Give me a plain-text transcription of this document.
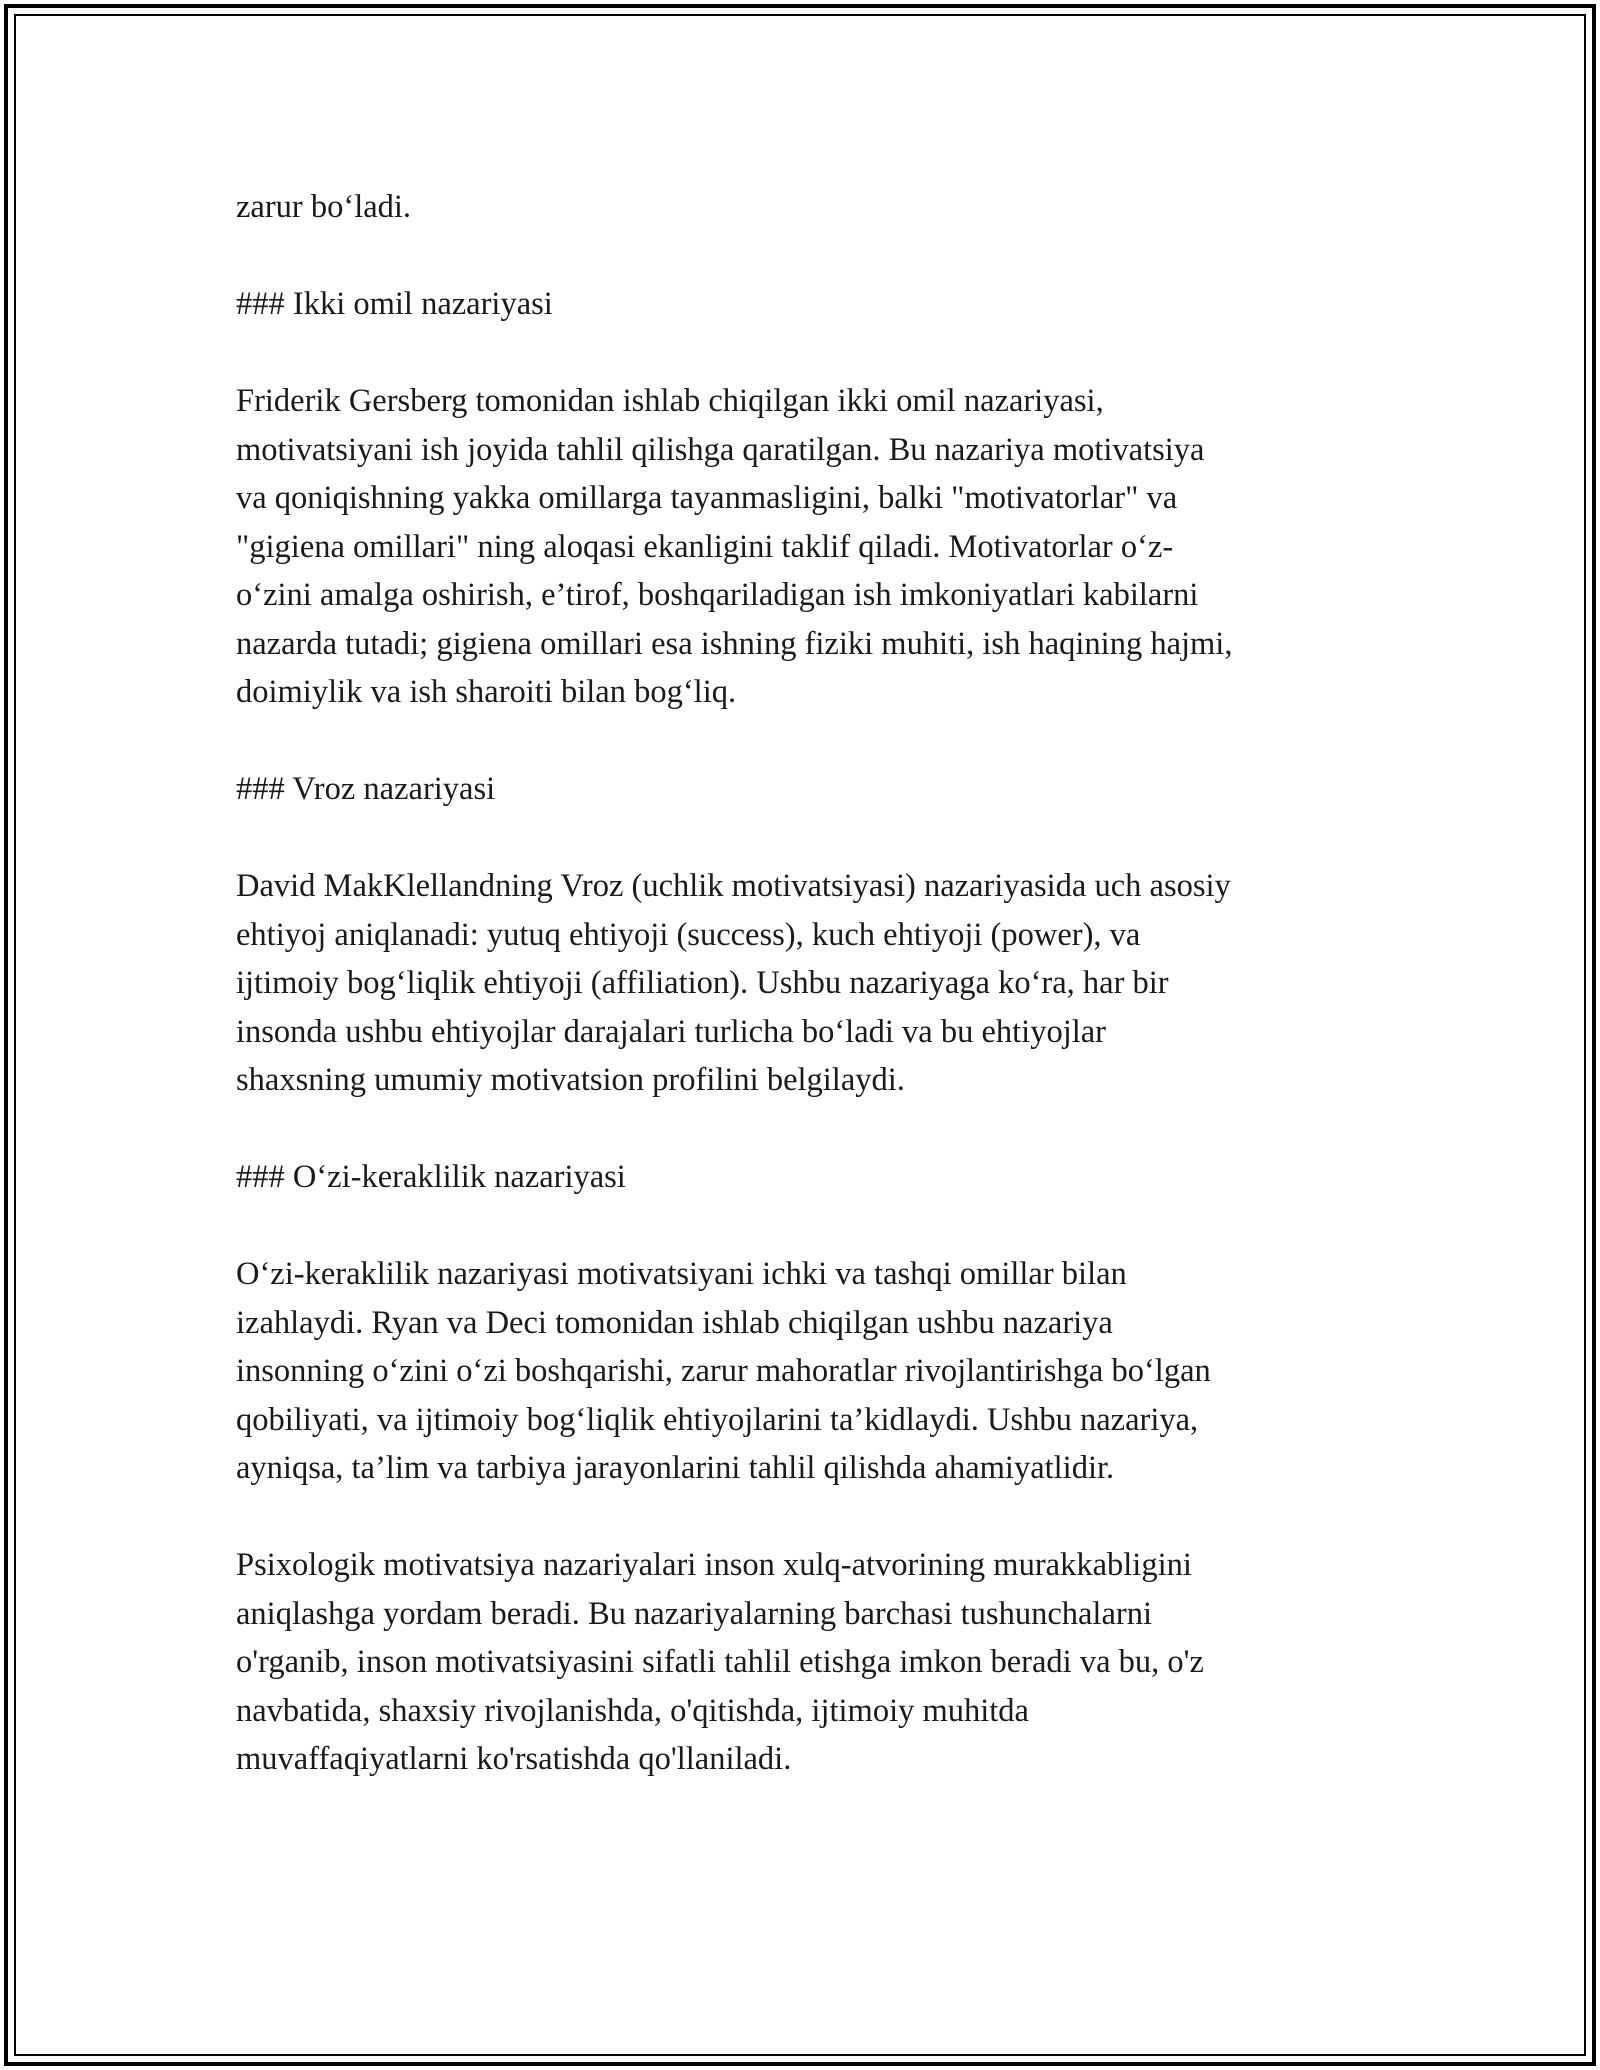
zarur bo‘ladi.

### Ikki omil nazariyasi

Friderik Gersberg tomonidan ishlab chiqilgan ikki omil nazariyasi,
motivatsiyani ish joyida tahlil qilishga qaratilgan. Bu nazariya motivatsiya
va qoniqishning yakka omillarga tayanmasligini, balki "motivatorlar" va
"gigiena omillari" ning aloqasi ekanligini taklif qiladi. Motivatorlar o‘z-
o‘zini amalga oshirish, e’tirof, boshqariladigan ish imkoniyatlari kabilarni
nazarda tutadi; gigiena omillari esa ishning fiziki muhiti, ish haqining hajmi,
doimiylik va ish sharoiti bilan bog‘liq.

### Vroz nazariyasi

David MakKlellandning Vroz (uchlik motivatsiyasi) nazariyasida uch asosiy
ehtiyoj aniqlanadi: yutuq ehtiyoji (success), kuch ehtiyoji (power), va
ijtimoiy bog‘liqlik ehtiyoji (affiliation). Ushbu nazariyaga ko‘ra, har bir
insonda ushbu ehtiyojlar darajalari turlicha bo‘ladi va bu ehtiyojlar
shaxsning umumiy motivatsion profilini belgilaydi.

### O‘zi-keraklilik nazariyasi

O‘zi-keraklilik nazariyasi motivatsiyani ichki va tashqi omillar bilan
izahlaydi. Ryan va Deci tomonidan ishlab chiqilgan ushbu nazariya
insonning o‘zini o‘zi boshqarishi, zarur mahoratlar rivojlantirishga bo‘lgan
qobiliyati, va ijtimoiy bog‘liqlik ehtiyojlarini ta’kidlaydi. Ushbu nazariya,
ayniqsa, ta’lim va tarbiya jarayonlarini tahlil qilishda ahamiyatlidir.

Psixologik motivatsiya nazariyalari inson xulq-atvorining murakkabligini
aniqlashga yordam beradi. Bu nazariyalarning barchasi tushunchalarni
o'rganib, inson motivatsiyasini sifatli tahlil etishga imkon beradi va bu, o'z
navbatida, shaxsiy rivojlanishda, o'qitishda, ijtimoiy muhitda
muvaffaqiyatlarni ko'rsatishda qo'llaniladi.
